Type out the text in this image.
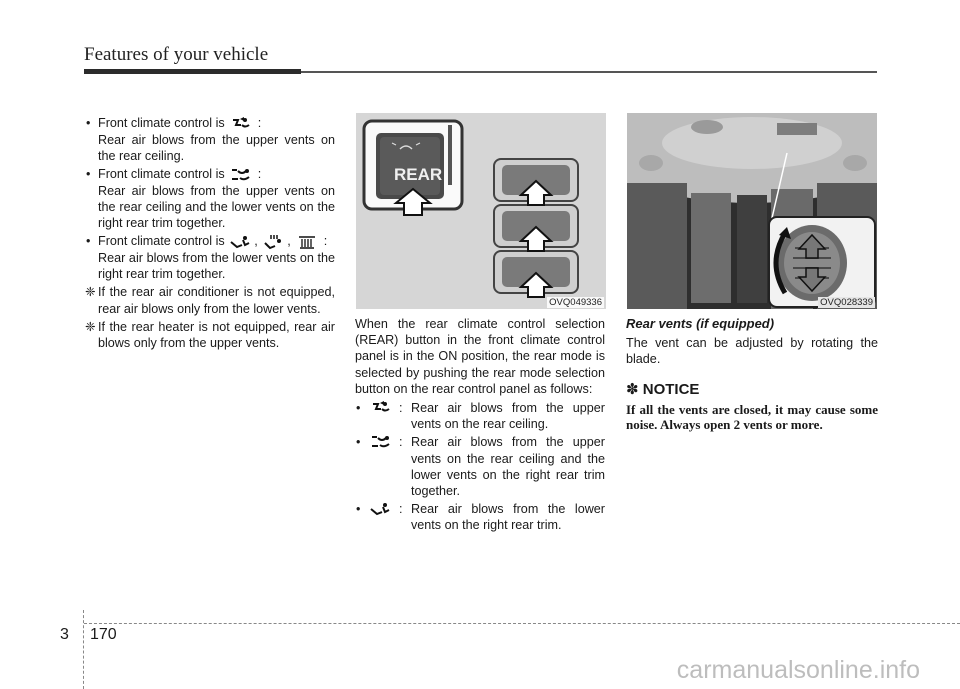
Features of your vehicle
• Front climate control is	:
Rear air blows from the upper vents on the rear ceiling.
• Front climate control is	:
Rear air blows from the upper vents on the rear ceiling and the lower vents on the right rear trim together.
• Front climate control is , ,	:
Rear air blows from the lower vents on the right rear trim together.
❈ If the rear air conditioner is not equipped, rear air blows only from the lower vents.
❈ If the rear heater is not equipped, rear air blows only from the upper vents.
REAR
OVQ049336

When the rear climate control selection (REAR) button in the front climate control panel is in the ON position, the rear mode is selected by pushing the rear mode selection button on the rear control panel as follows:

•	: Rear air blows from the upper vents on the rear ceiling.
•	: Rear air blows from the upper vents on the rear ceiling and the lower vents on the right rear trim together.
•	: Rear air blows from the lower vents on the right rear trim.
OVQ028339
Rear vents (if equipped)

The vent can be adjusted by rotating the blade.

✽ NOTICE
If all the vents are closed, it may cause some noise. Always open 2 vents or more.
3 170
carmanualsonline.info
